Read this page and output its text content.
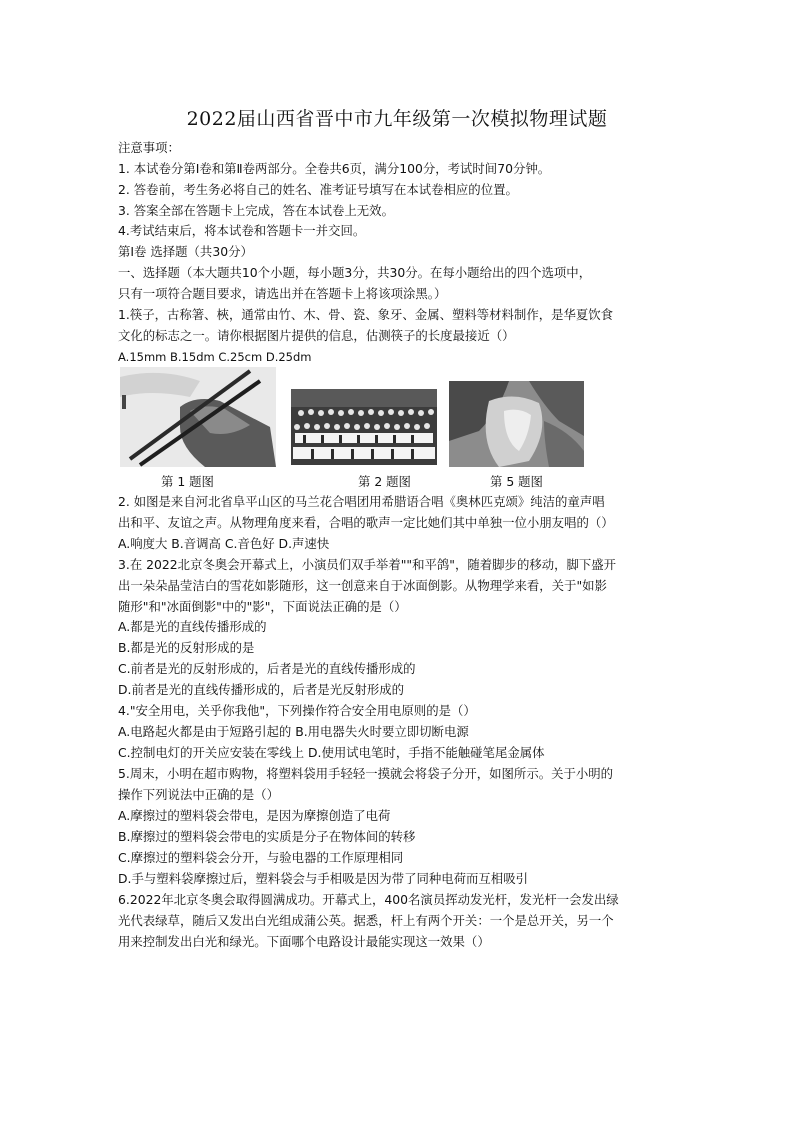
2022届山西省晋中市九年级第一次模拟物理试题
注意事项：
1. 本试卷分第Ⅰ卷和第Ⅱ卷两部分。全卷共6页，满分100分，考试时间70分钟。
2. 答卷前，考生务必将自己的姓名、准考证号填写在本试卷相应的位置。
3. 答案全部在答题卡上完成，答在本试卷上无效。
4.考试结束后，将本试卷和答题卡一并交回。
第Ⅰ卷 选择题（共30分）
一、选择题（本大题共10个小题，每小题3分，共30分。在每小题给出的四个选项中，
只有一项符合题目要求，请选出并在答题卡上将该项涂黑。）
1.筷子，古称箸、梜，通常由竹、木、骨、瓷、象牙、金属、塑料等材料制作，是华夏饮食
文化的标志之一。请你根据图片提供的信息，估测筷子的长度最接近（）
A.15mm B.15dm C.25cm D.25dm
第 1 题图	第 2 题图	第 5 题图
2. 如图是来自河北省阜平山区的马兰花合唱团用希腊语合唱《奥林匹克颂》纯洁的童声唱
出和平、友谊之声。从物理角度来看，合唱的歌声一定比她们其中单独一位小朋友唱的（）
A.响度大 B.音调高 C.音色好 D.声速快
3.在 2022北京冬奥会开幕式上，小演员们双手举着""和平鸽"，随着脚步的移动，脚下盛开
出一朵朵晶莹洁白的雪花如影随形，这一创意来自于冰面倒影。从物理学来看，关于"如影
随形"和"冰面倒影"中的"影"，下面说法正确的是（）
A.都是光的直线传播形成的
B.都是光的反射形成的是
C.前者是光的反射形成的，后者是光的直线传播形成的
D.前者是光的直线传播形成的，后者是光反射形成的
4."安全用电，关乎你我他"，下列操作符合安全用电原则的是（）
A.电路起火都是由于短路引起的 B.用电器失火时要立即切断电源
C.控制电灯的开关应安装在零线上 D.使用试电笔时，手指不能触碰笔尾金属体
5.周末，小明在超市购物，将塑料袋用手轻轻一摸就会将袋子分开，如图所示。关于小明的
操作下列说法中正确的是（）
A.摩擦过的塑料袋会带电，是因为摩擦创造了电荷
B.摩擦过的塑料袋会带电的实质是分子在物体间的转移
C.摩擦过的塑料袋会分开，与验电器的工作原理相同
D.手与塑料袋摩擦过后，塑料袋会与手相吸是因为带了同种电荷而互相吸引
6.2022年北京冬奥会取得圆满成功。开幕式上，400名演员挥动发光杆，发光杆一会发出绿
光代表绿草，随后又发出白光组成蒲公英。据悉，杆上有两个开关：一个是总开关，另一个
用来控制发出白光和绿光。下面哪个电路设计最能实现这一效果（）
